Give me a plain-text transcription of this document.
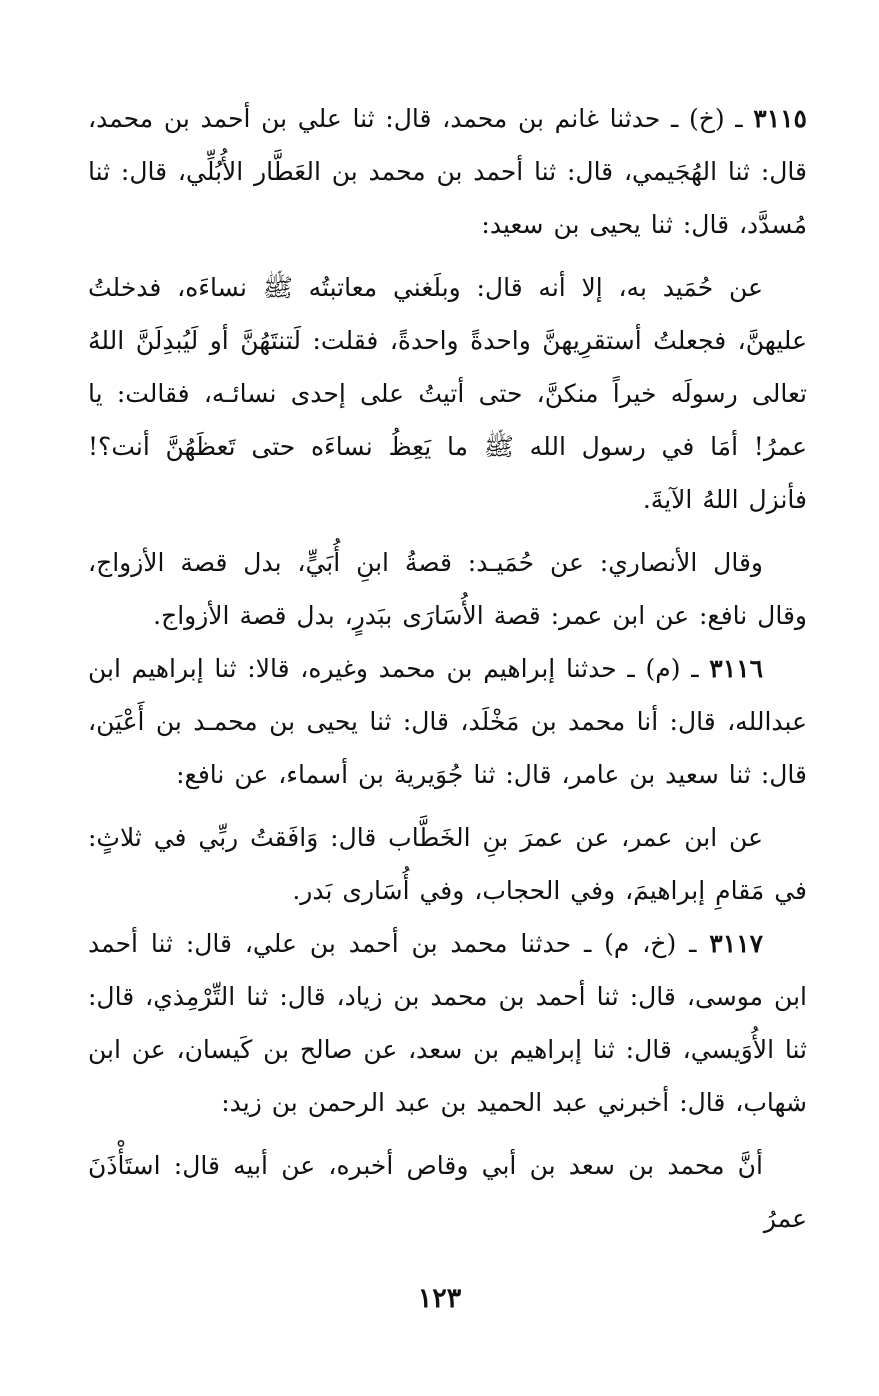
٣١١٥ ـ (خ) ـ حدثنا غانم بن محمد، قال: ثنا علي بن أحمد بن محمد، قال: ثنا الهُجَيمي، قال: ثنا أحمد بن محمد بن العَطَّار الأُبُلِّي، قال: ثنا مُسدَّد، قال: ثنا يحيى بن سعيد:

عن حُمَيد به، إلا أنه قال: وبلَغني معاتبتُه ﷺ نساءَه، فدخلتُ عليهنَّ، فجعلتُ أستقرِيهنَّ واحدةً واحدةً، فقلت: لَتنتَهُنَّ أو لَيُبدِلَنَّ اللهُ تعالى رسولَه خيراً منكنَّ، حتى أتيتُ على إحدى نسائـه، فقالت: يا عمرُ! أمَا في رسول الله ﷺ ما يَعِظُ نساءَه حتى تَعظَهُنَّ أنت؟! فأنزل اللهُ الآيةَ.

وقال الأنصاري: عن حُمَيـد: قصةُ ابنِ أُبَيٍّ، بدل قصة الأزواج، وقال نافع: عن ابن عمر: قصة الأُسَارَى ببَدرٍ، بدل قصة الأزواج.

٣١١٦ ـ (م) ـ حدثنا إبراهيم بن محمد وغيره، قالا: ثنا إبراهيم ابن عبدالله، قال: أنا محمد بن مَخْلَد، قال: ثنا يحيى بن محمـد بن أَعْيَن، قال: ثنا سعيد بن عامر، قال: ثنا جُوَيرية بن أسماء، عن نافع:

عن ابن عمر، عن عمرَ بنِ الخَطَّاب قال: وَافَقتُ ربِّي في ثلاثٍ: في مَقامِ إبراهيمَ، وفي الحجاب، وفي أُسَارى بَدر.

٣١١٧ ـ (خ، م) ـ حدثنا محمد بن أحمد بن علي، قال: ثنا أحمد ابن موسى، قال: ثنا أحمد بن محمد بن زياد، قال: ثنا التِّرْمِذي، قال: ثنا الأُوَيسي، قال: ثنا إبراهيم بن سعد، عن صالح بن كَيسان، عن ابن شهاب، قال: أخبرني عبد الحميد بن عبد الرحمن بن زيد:

أنَّ محمد بن سعد بن أبي وقاص أخبره، عن أبيه قال: استَأْذَنَ عمرُ

١٢٣
